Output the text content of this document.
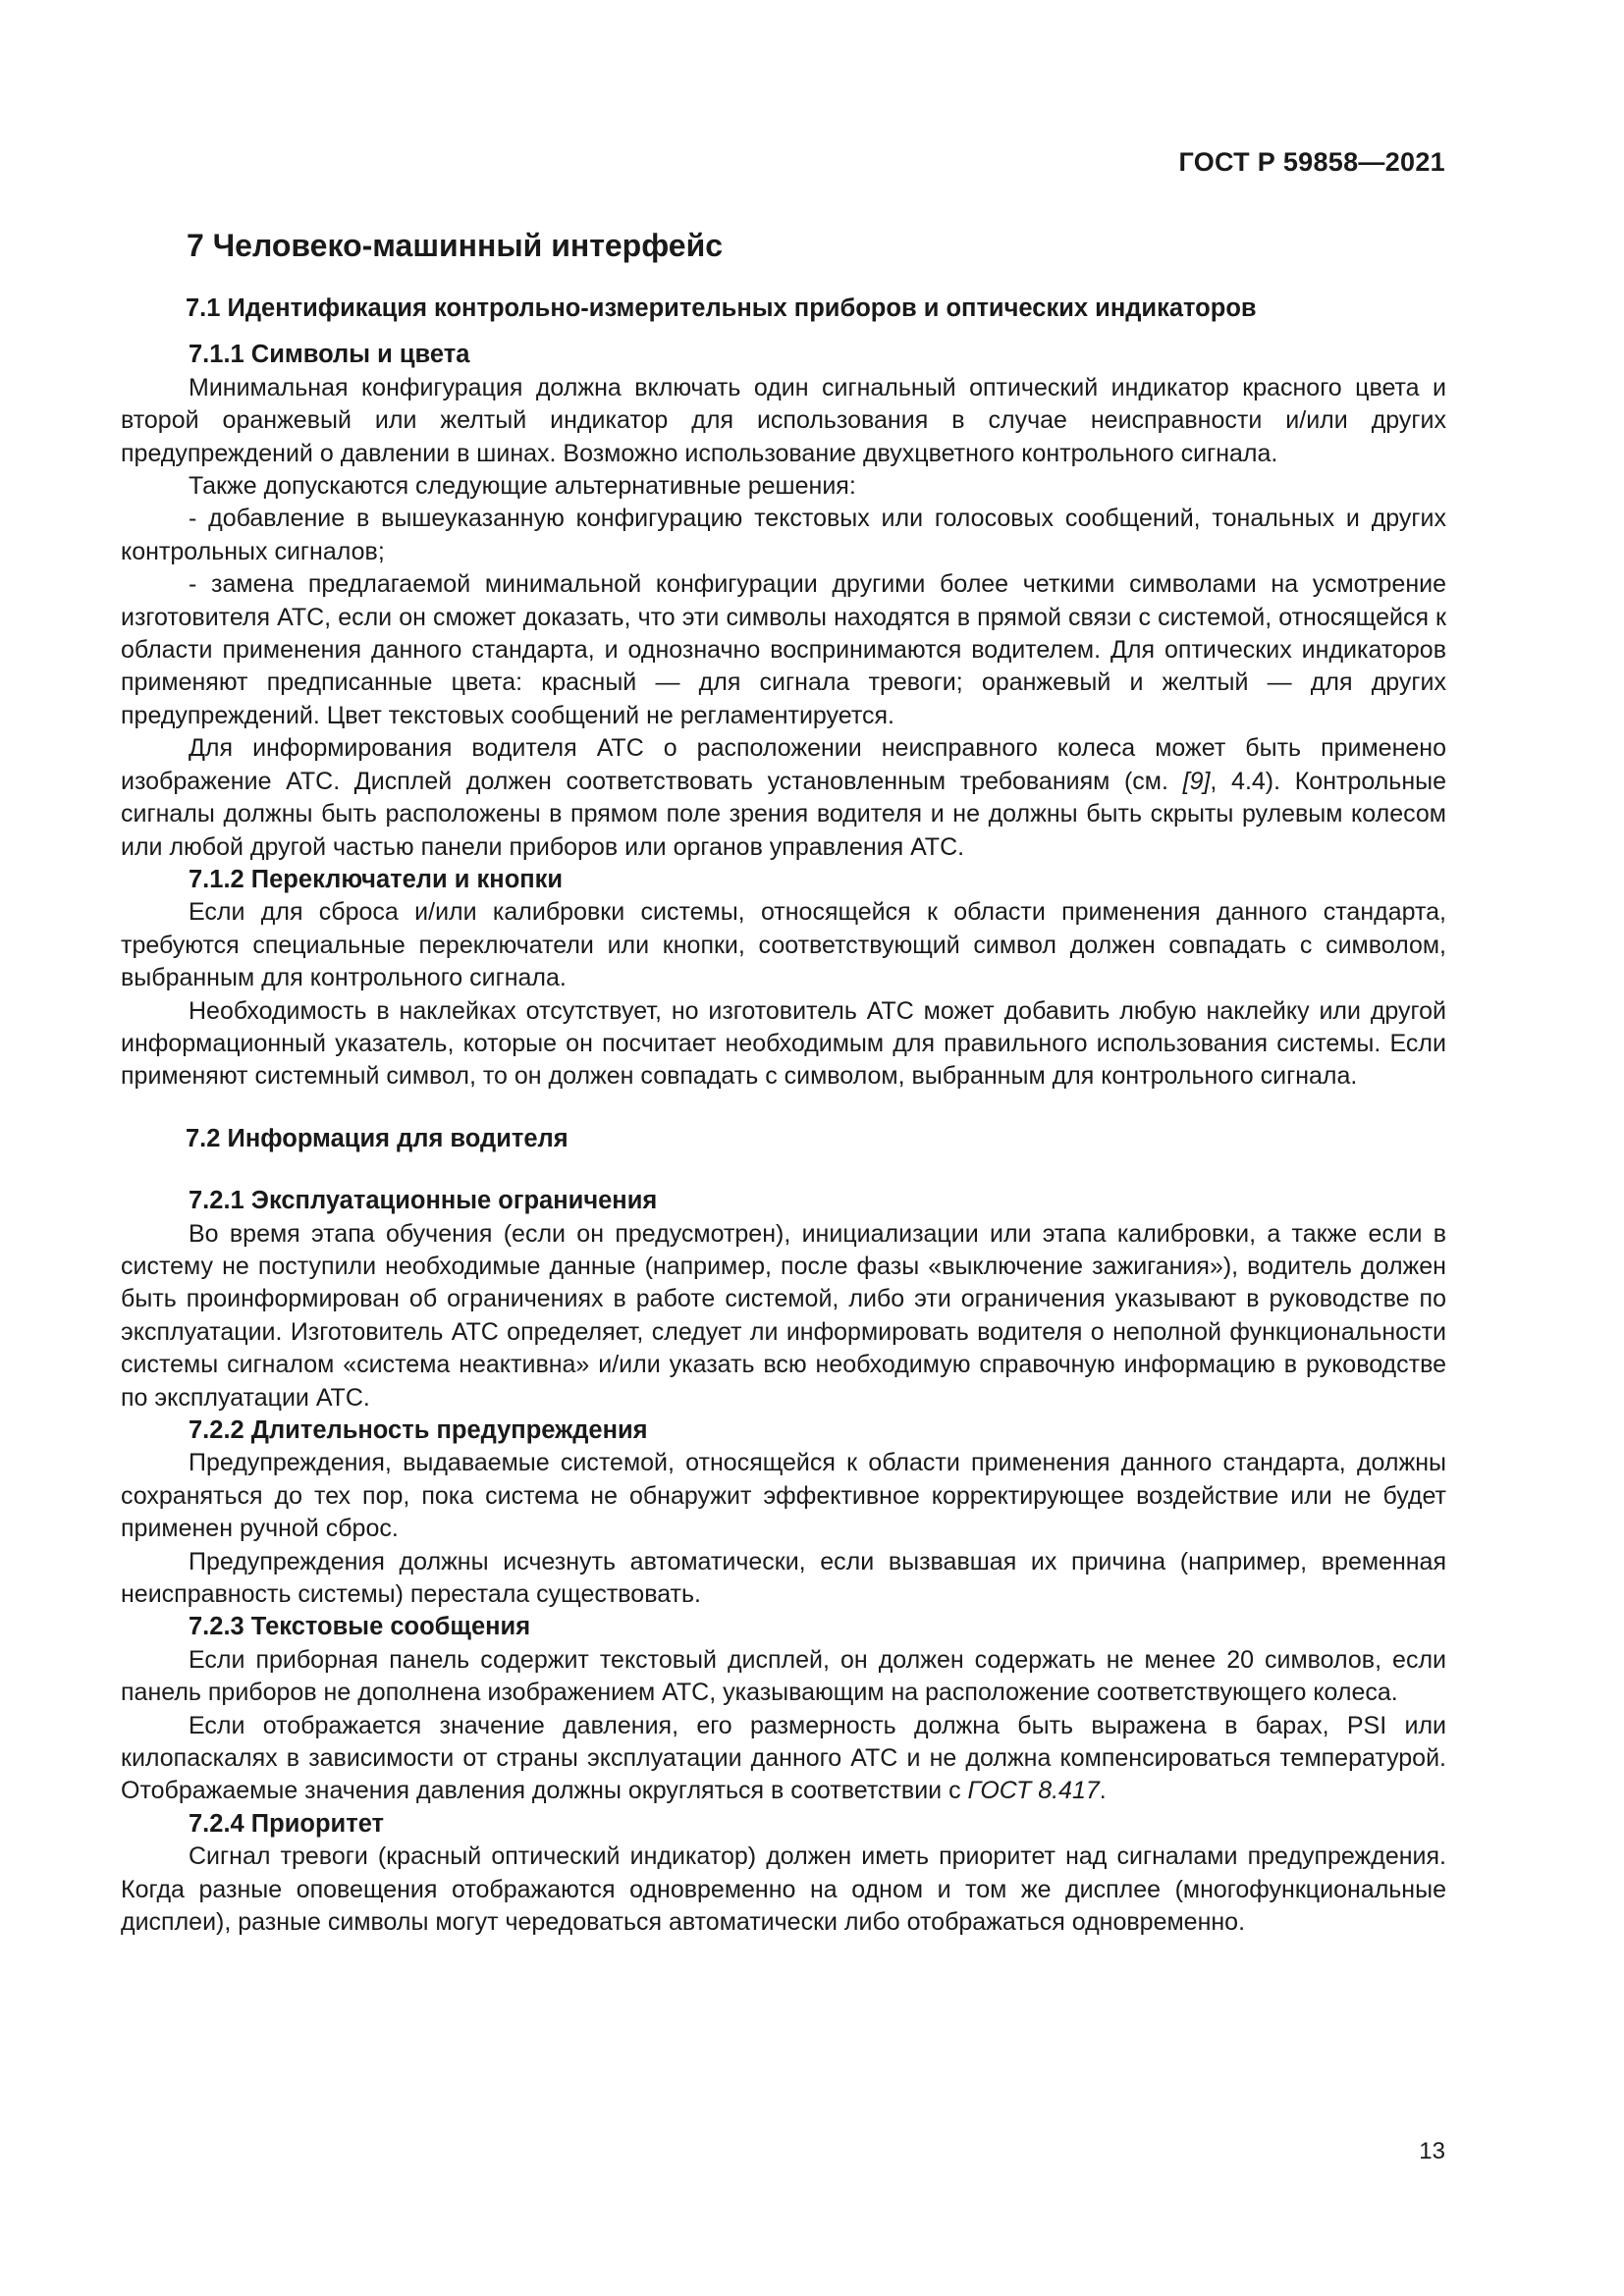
ГОСТ Р 59858—2021
7 Человеко-машинный интерфейс
7.1 Идентификация контрольно-измерительных приборов и оптических индикаторов
7.1.1 Символы и цвета

Минимальная конфигурация должна включать один сигнальный оптический индикатор красного цвета и второй оранжевый или желтый индикатор для использования в случае неисправности и/или других предупреждений о давлении в шинах. Возможно использование двухцветного контрольного сигнала.

Также допускаются следующие альтернативные решения:

- добавление в вышеуказанную конфигурацию текстовых или голосовых сообщений, тональных и других контрольных сигналов;

- замена предлагаемой минимальной конфигурации другими более четкими символами на усмотрение изготовителя АТС, если он сможет доказать, что эти символы находятся в прямой связи с системой, относящейся к области применения данного стандарта, и однозначно воспринимаются водителем. Для оптических индикаторов применяют предписанные цвета: красный — для сигнала тревоги; оранжевый и желтый — для других предупреждений. Цвет текстовых сообщений не регламентируется.

Для информирования водителя АТС о расположении неисправного колеса может быть применено изображение АТС. Дисплей должен соответствовать установленным требованиям (см. [9], 4.4). Контрольные сигналы должны быть расположены в прямом поле зрения водителя и не должны быть скрыты рулевым колесом или любой другой частью панели приборов или органов управления АТС.

7.1.2 Переключатели и кнопки

Если для сброса и/или калибровки системы, относящейся к области применения данного стандарта, требуются специальные переключатели или кнопки, соответствующий символ должен совпадать с символом, выбранным для контрольного сигнала.

Необходимость в наклейках отсутствует, но изготовитель АТС может добавить любую наклейку или другой информационный указатель, которые он посчитает необходимым для правильного использования системы. Если применяют системный символ, то он должен совпадать с символом, выбранным для контрольного сигнала.

7.2 Информация для водителя
7.2.1 Эксплуатационные ограничения

Во время этапа обучения (если он предусмотрен), инициализации или этапа калибровки, а также если в систему не поступили необходимые данные (например, после фазы «выключение зажигания»), водитель должен быть проинформирован об ограничениях в работе системой, либо эти ограничения указывают в руководстве по эксплуатации. Изготовитель АТС определяет, следует ли информировать водителя о неполной функциональности системы сигналом «система неактивна» и/или указать всю необходимую справочную информацию в руководстве по эксплуатации АТС.

7.2.2 Длительность предупреждения

Предупреждения, выдаваемые системой, относящейся к области применения данного стандарта, должны сохраняться до тех пор, пока система не обнаружит эффективное корректирующее воздействие или не будет применен ручной сброс.

Предупреждения должны исчезнуть автоматически, если вызвавшая их причина (например, временная неисправность системы) перестала существовать.

7.2.3 Текстовые сообщения

Если приборная панель содержит текстовый дисплей, он должен содержать не менее 20 символов, если панель приборов не дополнена изображением АТС, указывающим на расположение соответствующего колеса.

Если отображается значение давления, его размерность должна быть выражена в барах, PSI или килопаскалях в зависимости от страны эксплуатации данного АТС и не должна компенсироваться температурой. Отображаемые значения давления должны округляться в соответствии с ГОСТ 8.417.

7.2.4 Приоритет

Сигнал тревоги (красный оптический индикатор) должен иметь приоритет над сигналами предупреждения. Когда разные оповещения отображаются одновременно на одном и том же дисплее (многофункциональные дисплеи), разные символы могут чередоваться автоматически либо отображаться одновременно.

13
